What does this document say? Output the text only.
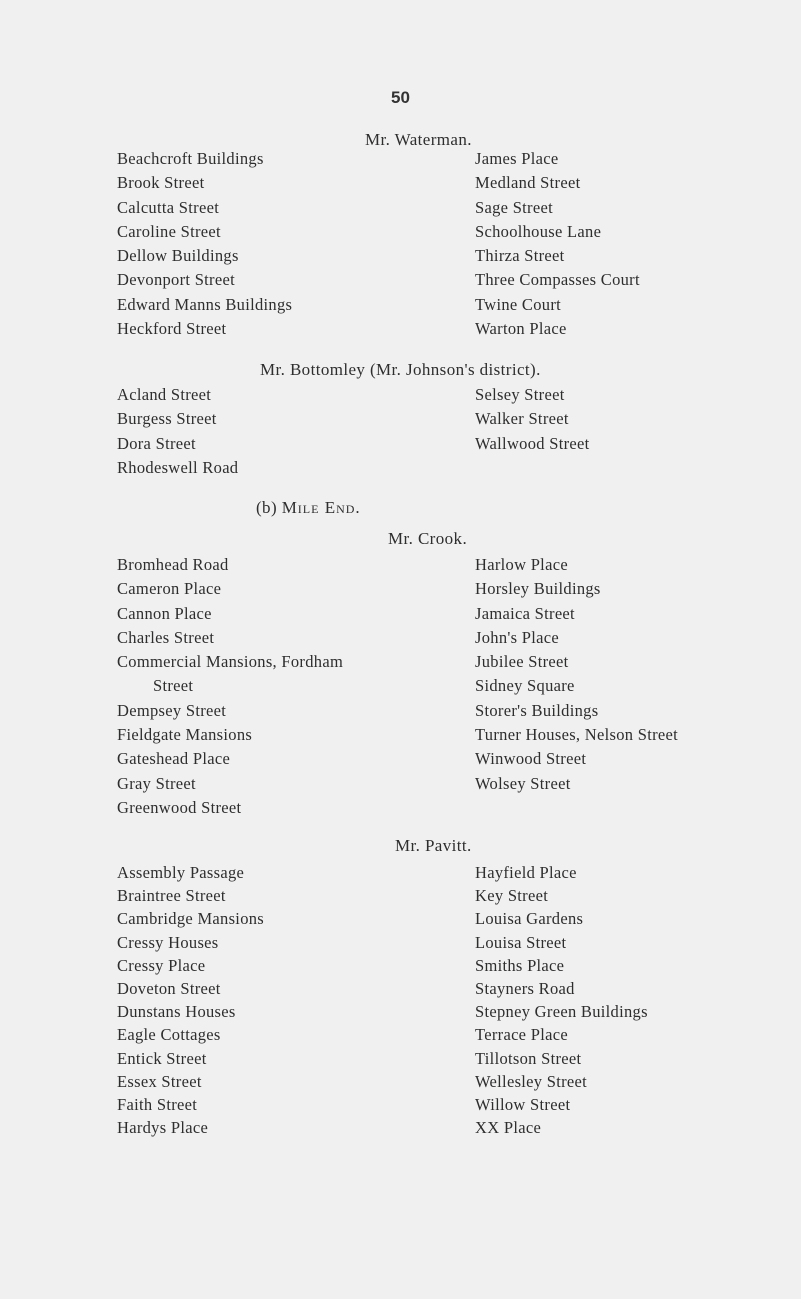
50
Mr. Waterman.
Beachcroft Buildings
Brook Street
Calcutta Street
Caroline Street
Dellow Buildings
Devonport Street
Edward Manns Buildings
Heckford Street
James Place
Medland Street
Sage Street
Schoolhouse Lane
Thirza Street
Three Compasses Court
Twine Court
Warton Place
Mr. Bottomley (Mr. Johnson's district).
Acland Street
Burgess Street
Dora Street
Rhodeswell Road
Selsey Street
Walker Street
Wallwood Street
(b) Mile End.
Mr. Crook.
Bromhead Road
Cameron Place
Cannon Place
Charles Street
Commercial Mansions, Fordham
Street
Dempsey Street
Fieldgate Mansions
Gateshead Place
Gray Street
Greenwood Street
Harlow Place
Horsley Buildings
Jamaica Street
John's Place
Jubilee Street
Sidney Square
Storer's Buildings
Turner Houses, Nelson Street
Winwood Street
Wolsey Street
Mr. Pavitt.
Assembly Passage
Braintree Street
Cambridge Mansions
Cressy Houses
Cressy Place
Doveton Street
Dunstans Houses
Eagle Cottages
Entick Street
Essex Street
Faith Street
Hardys Place
Hayfield Place
Key Street
Louisa Gardens
Louisa Street
Smiths Place
Stayners Road
Stepney Green Buildings
Terrace Place
Tillotson Street
Wellesley Street
Willow Street
XX Place
